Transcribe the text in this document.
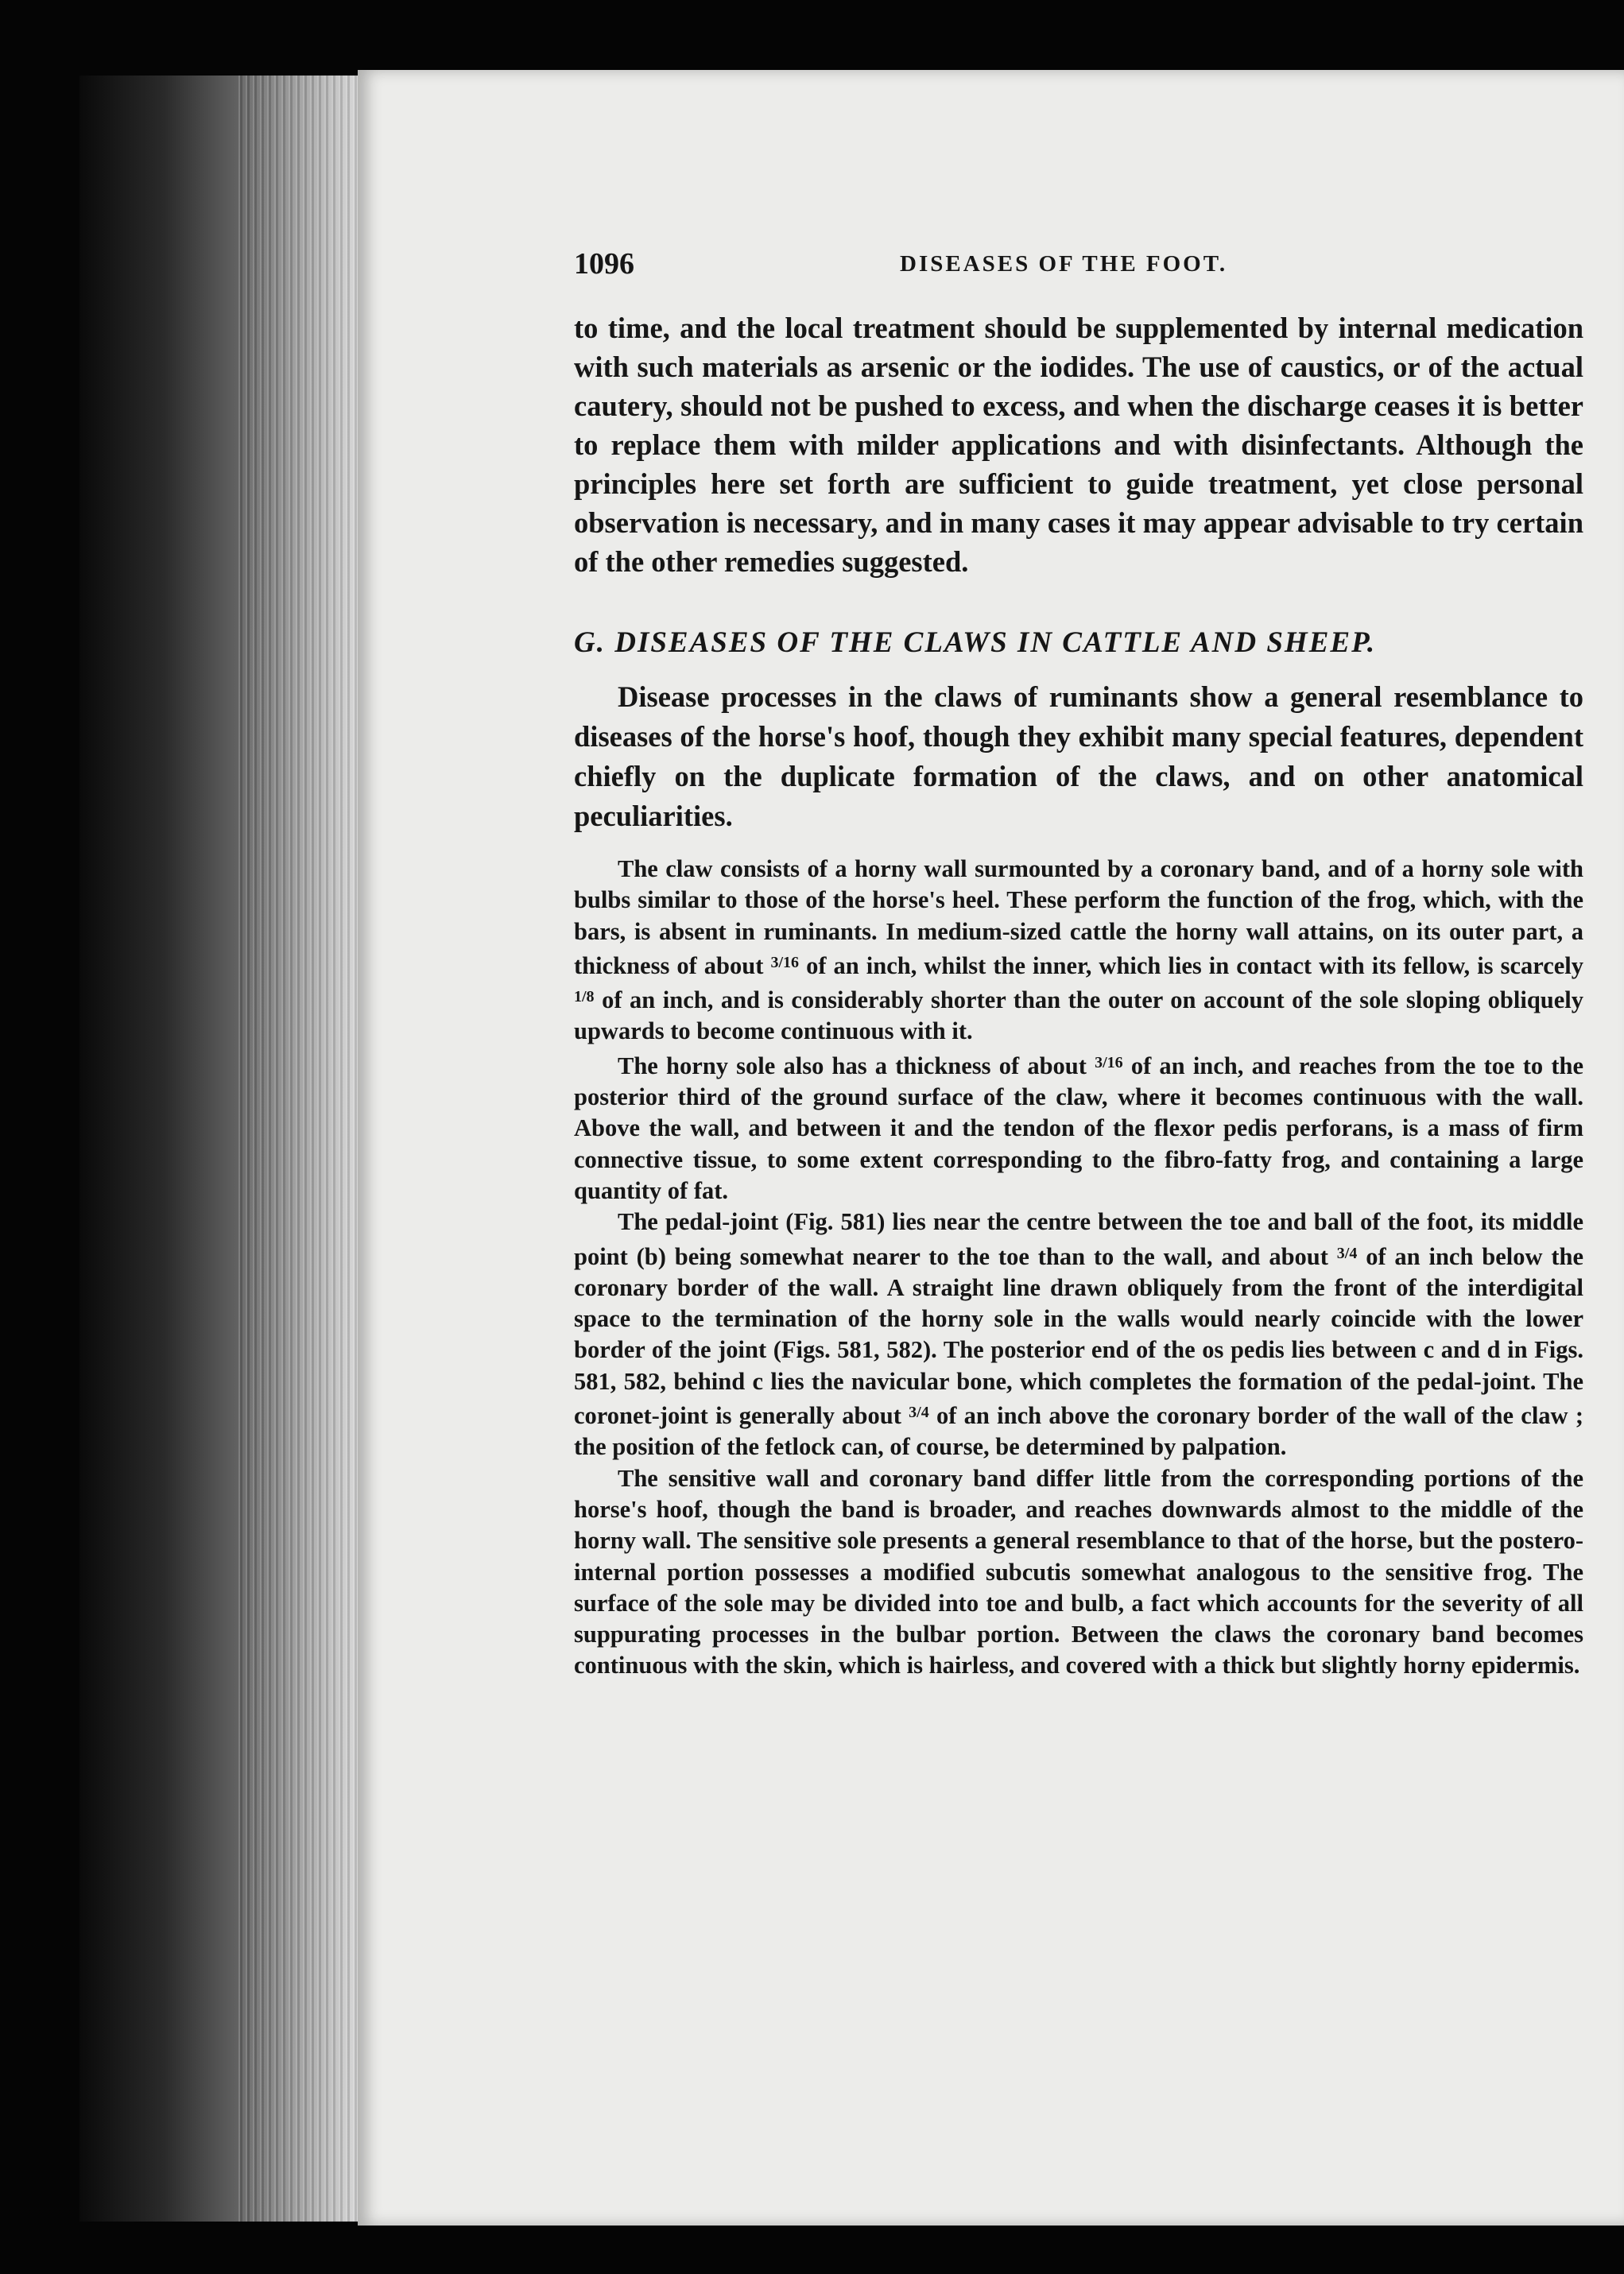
1096	DISEASES OF THE FOOT.

to time, and the local treatment should be supplemented by internal medication with such materials as arsenic or the iodides. The use of caustics, or of the actual cautery, should not be pushed to excess, and when the discharge ceases it is better to replace them with milder applications and with disinfectants. Although the principles here set forth are sufficient to guide treatment, yet close personal observation is necessary, and in many cases it may appear advisable to try certain of the other remedies suggested.

G. DISEASES OF THE CLAWS IN CATTLE AND SHEEP.

Disease processes in the claws of ruminants show a general resemblance to diseases of the horse's hoof, though they exhibit many special features, dependent chiefly on the duplicate formation of the claws, and on other anatomical peculiarities.

The claw consists of a horny wall surmounted by a coronary band, and of a horny sole with bulbs similar to those of the horse's heel. These perform the function of the frog, which, with the bars, is absent in ruminants. In medium-sized cattle the horny wall attains, on its outer part, a thickness of about $^{3/16}$ of an inch, whilst the inner, which lies in contact with its fellow, is scarcely $^{1/8}$ of an inch, and is considerably shorter than the outer on account of the sole sloping obliquely upwards to become continuous with it.

The horny sole also has a thickness of about $^{3/16}$ of an inch, and reaches from the toe to the posterior third of the ground surface of the claw, where it becomes continuous with the wall. Above the wall, and between it and the tendon of the flexor pedis perforans, is a mass of firm connective tissue, to some extent corresponding to the fibro-fatty frog, and containing a large quantity of fat.

The pedal-joint (Fig. 581) lies near the centre between the toe and ball of the foot, its middle point (b) being somewhat nearer to the toe than to the wall, and about $^{3/4}$ of an inch below the coronary border of the wall. A straight line drawn obliquely from the front of the interdigital space to the termination of the horny sole in the walls would nearly coincide with the lower border of the joint (Figs. 581, 582). The posterior end of the os pedis lies between c and d in Figs. 581, 582, behind c lies the navicular bone, which completes the formation of the pedal-joint. The coronet-joint is generally about $^{3/4}$ of an inch above the coronary border of the wall of the claw ; the position of the fetlock can, of course, be determined by palpation.

The sensitive wall and coronary band differ little from the corresponding portions of the horse's hoof, though the band is broader, and reaches downwards almost to the middle of the horny wall. The sensitive sole presents a general resemblance to that of the horse, but the postero-internal portion possesses a modified subcutis somewhat analogous to the sensitive frog. The surface of the sole may be divided into toe and bulb, a fact which accounts for the severity of all suppurating processes in the bulbar portion. Between the claws the coronary band becomes continuous with the skin, which is hairless, and covered with a thick but slightly horny epidermis.
